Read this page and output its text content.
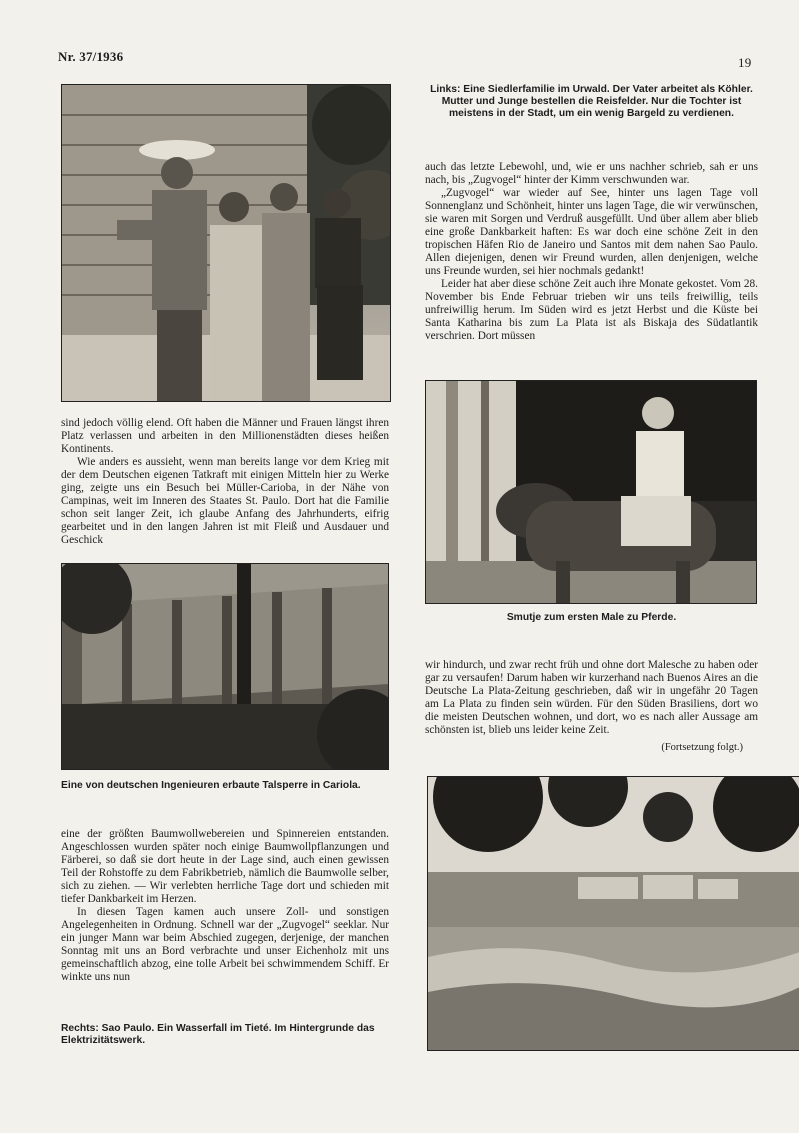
Nr. 37/1936	19
Links: Eine Siedlerfamilie im Urwald. Der Vater arbeitet als Köhler. Mutter und Junge bestellen die Reisfelder. Nur die Tochter ist meistens in der Stadt, um ein wenig Bargeld zu verdienen.

auch das letzte Lebewohl, und, wie er uns nachher schrieb, sah er uns nach, bis „Zugvogel“ hinter der Kimm verschwunden war.

„Zugvogel“ war wieder auf See, hinter uns lagen Tage voll Sonnenglanz und Schönheit, hinter uns lagen Tage, die wir verwünschen, sie waren mit Sorgen und Verdruß ausgefüllt. Und über allem aber blieb eine große Dankbarkeit haften: Es war doch eine schöne Zeit in den tropischen Häfen Rio de Janeiro und Santos mit dem nahen Sao Paulo. Allen diejenigen, denen wir Freund wurden, allen denjenigen, welche uns Freunde wurden, sei hier nochmals gedankt!

Leider hat aber diese schöne Zeit auch ihre Monate gekostet. Vom 28. November bis Ende Februar trieben wir uns teils freiwillig, teils unfreiwillig herum. Im Süden wird es jetzt Herbst und die Küste bei Santa Katharina bis zum La Plata ist als Biskaja des Südatlantik verschrien. Dort müssen

Smutje zum ersten Male zu Pferde.

wir hindurch, und zwar recht früh und ohne dort Malesche zu haben oder gar zu versaufen! Darum haben wir kurzerhand nach Buenos Aires an die Deutsche La Plata-Zeitung geschrieben, daß wir in ungefähr 20 Tagen am La Plata zu finden sein würden. Für den Süden Brasiliens, dort wo die meisten Deutschen wohnen, und dort, wo es nach aller Aussage am schönsten ist, blieb uns leider keine Zeit.

(Fortsetzung folgt.)

sind jedoch völlig elend. Oft haben die Männer und Frauen längst ihren Platz verlassen und arbeiten in den Millionenstädten dieses heißen Kontinents.

Wie anders es aussieht, wenn man bereits lange vor dem Krieg mit der dem Deutschen eigenen Tatkraft mit einigen Mitteln hier zu Werke ging, zeigte uns ein Besuch bei Müller-Carioba, in der Nähe von Campinas, weit im Inneren des Staates St. Paulo. Dort hat die Familie schon seit langer Zeit, ich glaube Anfang des Jahrhunderts, eifrig gearbeitet und in den langen Jahren ist mit Fleiß und Ausdauer und Geschick

Eine von deutschen Ingenieuren erbaute Talsperre in Cariola.

eine der größten Baumwollwebereien und Spinnereien entstanden. Angeschlossen wurden später noch einige Baumwollpflanzungen und Färberei, so daß sie dort heute in der Lage sind, auch einen gewissen Teil der Rohstoffe zu dem Fabrikbetrieb, nämlich die Baumwolle selber, sich zu ziehen. — Wir verlebten herrliche Tage dort und schieden mit tiefer Dankbarkeit im Herzen.

In diesen Tagen kamen auch unsere Zoll- und sonstigen Angelegenheiten in Ordnung. Schnell war der „Zugvogel“ seeklar. Nur ein junger Mann war beim Abschied zugegen, derjenige, der manchen Sonntag mit uns an Bord verbrachte und unser Eichenholz mit uns gemeinschaftlich abzog, eine tolle Arbeit bei schwimmendem Schiff. Er winkte uns nun

Rechts: Sao Paulo. Ein Wasserfall im Tieté. Im Hintergrunde das Elektrizitätswerk.
